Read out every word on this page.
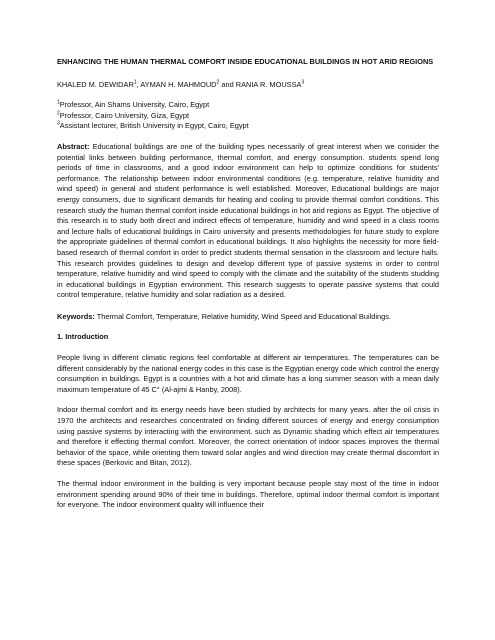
ENHANCING THE HUMAN THERMAL COMFORT INSIDE EDUCATIONAL BUILDINGS IN HOT ARID REGIONS

KHALED M. DEWIDAR$^1$, AYMAN H. MAHMOUD$^2$ and RANIA R. MOUSSA$^3$

$^1$Professor, Ain Shams University, Cairo, Egypt

$^2$Professor, Cairo University, Giza, Egypt

$^3$Assistant lecturer, British University in Egypt, Cairo, Egypt

Abstract: Educational buildings are one of the building types necessarily of great interest when we consider the potential links between building performance, thermal comfort, and energy consumption. students spend long periods of time in classrooms, and a good indoor environment can help to optimize conditions for students' performance. The relationship between indoor environmental conditions (e.g. temperature, relative humidity and wind speed) in general and student performance is well established. Moreover, Educational buildings are major energy consumers, due to significant demands for heating and cooling to provide thermal comfort conditions. This research study the human thermal comfort inside educational buildings in hot arid regions as Egypt. The objective of this research is to study both direct and indirect effects of temperature, humidity and wind speed in a class rooms and lecture halls of educational buildings in Cairo university and presents methodologies for future study to explore the appropriate guidelines of thermal comfort in educational buildings. It also highlights the necessity for more field-based research of thermal comfort in order to predict students thermal sensation in the classroom and lecture halls. This research provides guidelines to design and develop different type of passive systems in order to control temperature, relative humidity and wind speed to comply with the climate and the suitability of the students studding in educational buildings in Egyptian environment. This research suggests to operate passive systems that could control temperature, relative humidity and solar radiation as a desired.

Keywords: Thermal Comfort, Temperature, Relative humidity, Wind Speed and Educational Buildings.

1. Introduction

People living in different climatic regions feel comfortable at different air temperatures. The temperatures can be different considerably by the national energy codes in this case is the Egyptian energy code which control the energy consumption in buildings. Egypt is a countries with a hot arid climate has a long summer season with a mean daily maximum temperature of 45 C° (Al-ajmi & Hanby, 2008).

Indoor thermal comfort and its energy needs have been studied by architects for many years. after the oil crisis in 1970 the architects and researches concentrated on finding different sources of energy and energy consumption using passive systems by interacting with the environment. such as Dynamic shading which effect air temperatures and therefore it effecting thermal comfort. Moreover, the correct orientation of indoor spaces improves the thermal behavior of the space, while orienting them toward solar angles and wind direction may create thermal discomfort in these spaces (Berkovic and Bitan, 2012).

The thermal indoor environment in the building is very important because people stay most of the time in indoor environment spending around 90% of their time in buildings. Therefore, optimal indoor thermal comfort is important for everyone. The indoor environment quality will influence their
